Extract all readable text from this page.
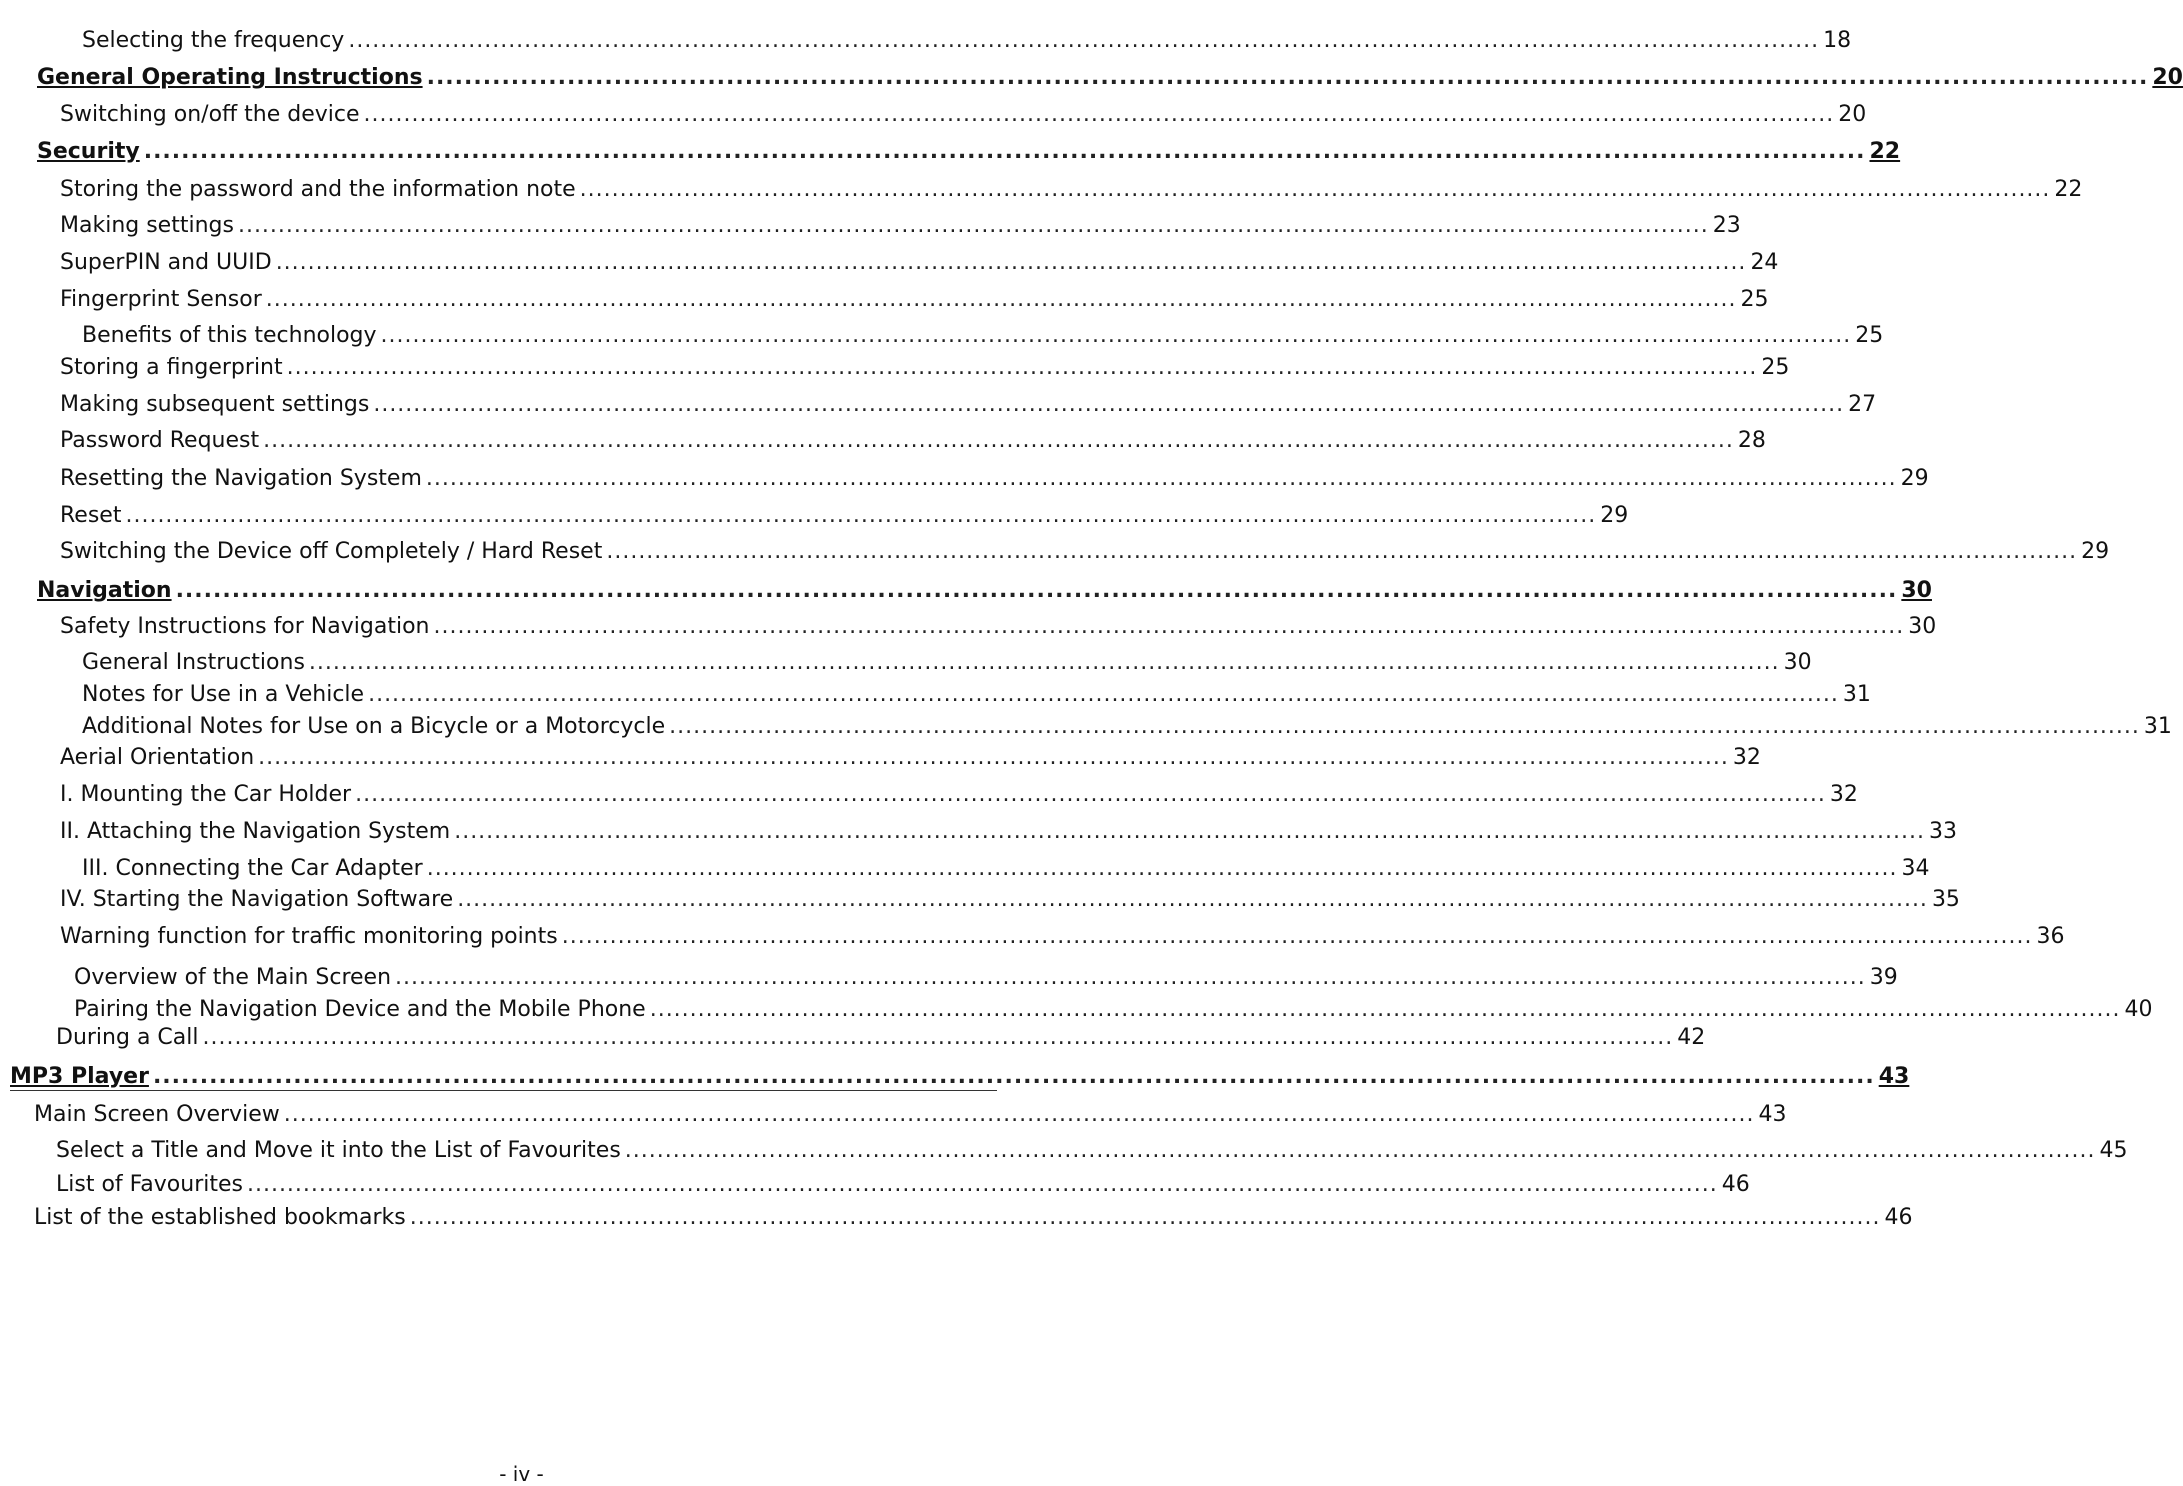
Selecting the frequency ........................................................................................................................................................................................ 18
General Operating Instructions ........................................................................................................................................................................................ 20
Switching on/off the device ........................................................................................................................................................................................ 20
Security ........................................................................................................................................................................................ 22
Storing the password and the information note ........................................................................................................................................................................................ 22
Making settings ........................................................................................................................................................................................ 23
SuperPIN and UUID ........................................................................................................................................................................................ 24
Fingerprint Sensor ........................................................................................................................................................................................ 25
Benefits of this technology ........................................................................................................................................................................................ 25
Storing a fingerprint ........................................................................................................................................................................................ 25
Making subsequent settings ........................................................................................................................................................................................ 27
Password Request ........................................................................................................................................................................................ 28
Resetting the Navigation System ........................................................................................................................................................................................ 29
Reset ........................................................................................................................................................................................ 29
Switching the Device off Completely / Hard Reset ........................................................................................................................................................................................ 29
Navigation ........................................................................................................................................................................................ 30
Safety Instructions for Navigation ........................................................................................................................................................................................ 30
General Instructions ........................................................................................................................................................................................ 30
Notes for Use in a Vehicle ........................................................................................................................................................................................ 31
Additional Notes for Use on a Bicycle or a Motorcycle ........................................................................................................................................................................................ 31
Aerial Orientation ........................................................................................................................................................................................ 32
I. Mounting the Car Holder ........................................................................................................................................................................................ 32
II. Attaching the Navigation System ........................................................................................................................................................................................ 33
III. Connecting the Car Adapter ........................................................................................................................................................................................ 34
IV. Starting the Navigation Software ........................................................................................................................................................................................ 35
Warning function for traffic monitoring points ........................................................................................................................................................................................ 36
Overview of the Main Screen ........................................................................................................................................................................................ 39
Pairing the Navigation Device and the Mobile Phone ........................................................................................................................................................................................ 40
During a Call ........................................................................................................................................................................................ 42
MP3 Player ........................................................................................................................................................................................ 43
Main Screen Overview ........................................................................................................................................................................................ 43
Select a Title and Move it into the List of Favourites ........................................................................................................................................................................................ 45
List of Favourites ........................................................................................................................................................................................ 46
List of the established bookmarks ........................................................................................................................................................................................ 46
- iv -
